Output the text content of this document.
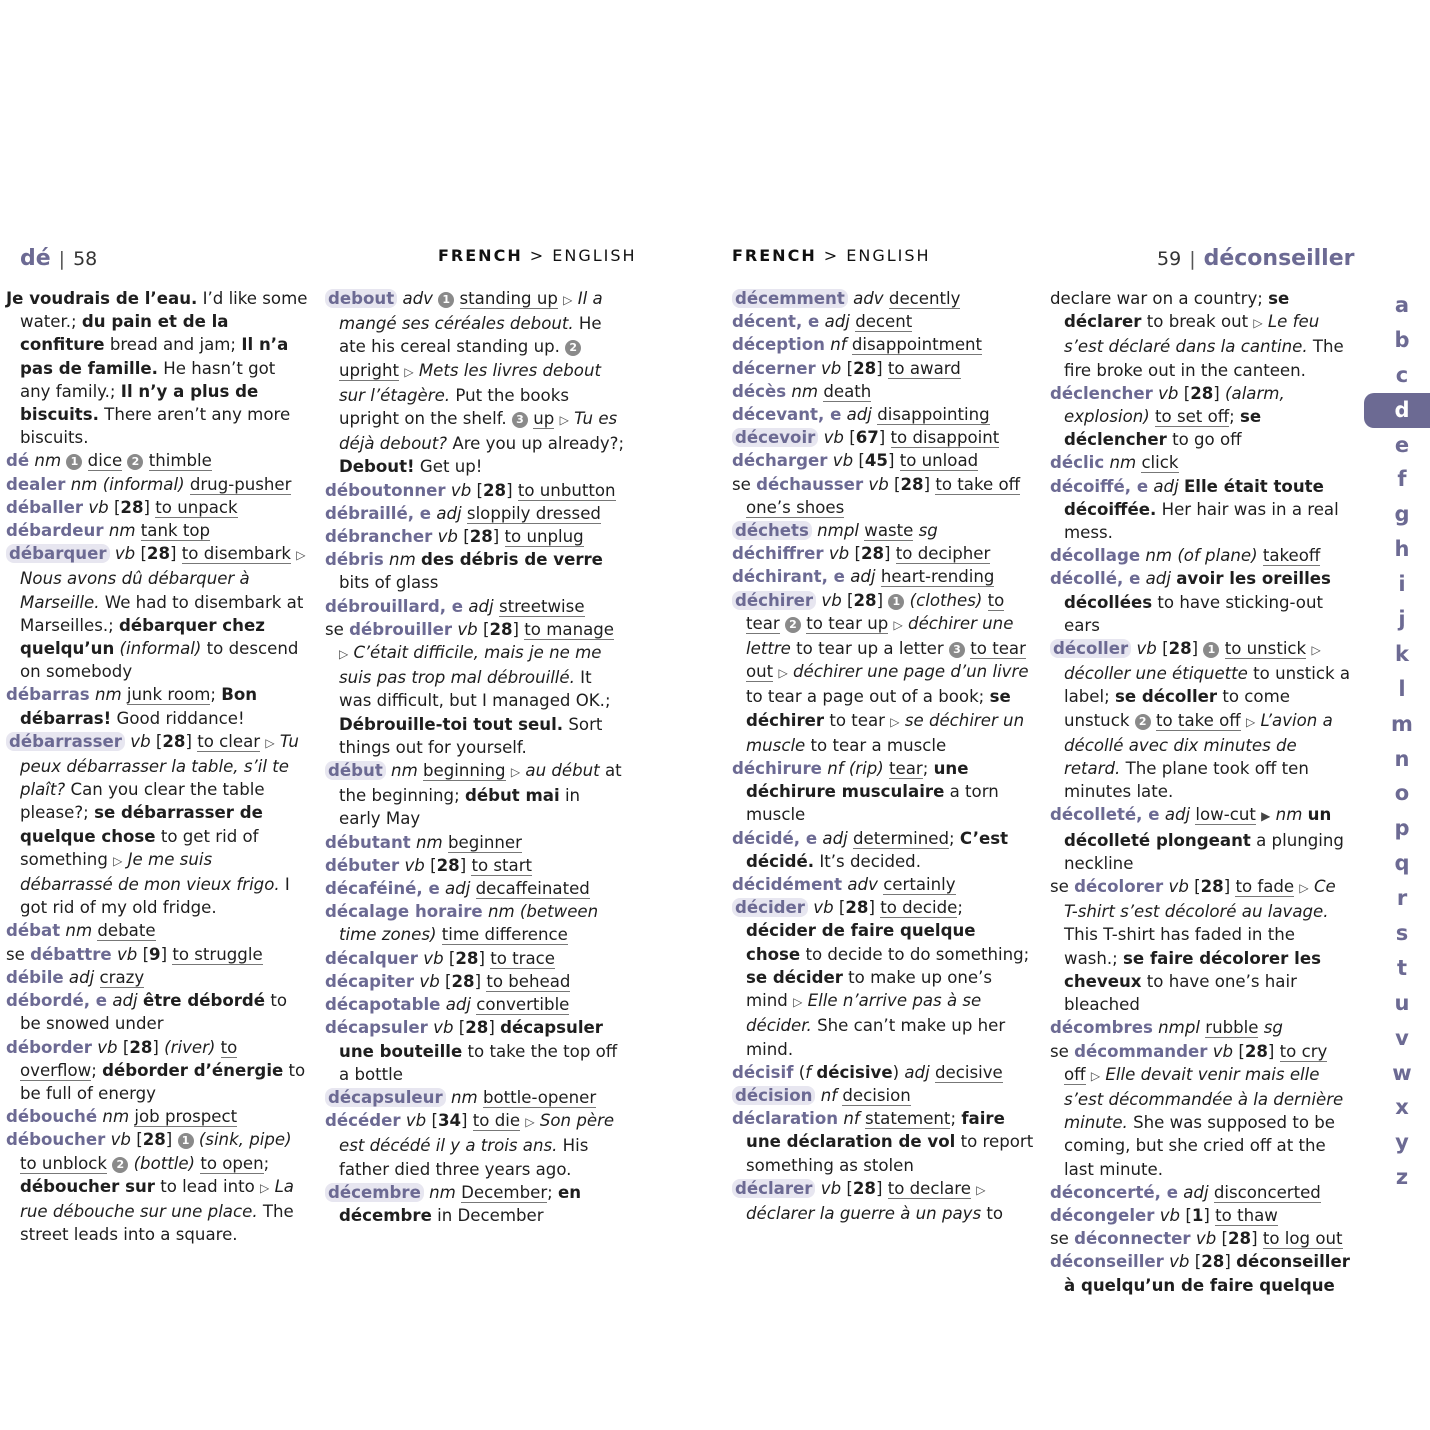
dé | 58	FRENCH > ENGLISH

Je voudrais de l’eau. I’d like some water.; du pain et de la confiture bread and jam; Il n’a pas de famille. He hasn’t got any family.; Il n’y a plus de biscuits. There aren’t any more biscuits.

dé nm 1 dice 2 thimble

dealer nm (informal) drug-pusher

déballer vb [28] to unpack

débardeur nm tank top

débarquer vb [28] to disembark ▷ Nous avons dû débarquer à Marseille. We had to disembark at Marseilles.; débarquer chez quelqu’un (informal) to descend on somebody

débarras nm junk room; Bon débarras! Good riddance!

débarrasser vb [28] to clear ▷ Tu peux débarrasser la table, s’il te plaît? Can you clear the table please?; se débarrasser de quelque chose to get rid of something ▷ Je me suis débarrassé de mon vieux frigo. I got rid of my old fridge.

débat nm debate

se débattre vb [9] to struggle

débile adj crazy

débordé, e adj être débordé to be snowed under

déborder vb [28] (river) to overflow; déborder d’énergie to be full of energy

débouché nm job prospect

déboucher vb [28] 1 (sink, pipe) to unblock 2 (bottle) to open; déboucher sur to lead into ▷ La rue débouche sur une place. The street leads into a square.

debout adv 1 standing up ▷ Il a mangé ses céréales debout. He ate his cereal standing up. 2 upright ▷ Mets les livres debout sur l’étagère. Put the books upright on the shelf. 3 up ▷ Tu es déjà debout? Are you up already?; Debout! Get up!

déboutonner vb [28] to unbutton

débraillé, e adj sloppily dressed

débrancher vb [28] to unplug

débris nm des débris de verre bits of glass

débrouillard, e adj streetwise

se débrouiller vb [28] to manage ▷ C’était difficile, mais je ne me suis pas trop mal débrouillé. It was difficult, but I managed OK.; Débrouille-toi tout seul. Sort things out for yourself.

début nm beginning ▷ au début at the beginning; début mai in early May

débutant nm beginner

débuter vb [28] to start

décaféiné, e adj decaffeinated

décalage horaire nm (between time zones) time difference

décalquer vb [28] to trace

décapiter vb [28] to behead

décapotable adj convertible

décapsuler vb [28] décapsuler une bouteille to take the top off a bottle

décapsuleur nm bottle-opener

décéder vb [34] to die ▷ Son père est décédé il y a trois ans. His father died three years ago.

décembre nm December; en décembre in December

FRENCH > ENGLISH	59 | déconseiller

décemment adv decently

décent, e adj decent

déception nf disappointment

décerner vb [28] to award

décès nm death

décevant, e adj disappointing

décevoir vb [67] to disappoint

décharger vb [45] to unload

se déchausser vb [28] to take off one’s shoes

déchets nmpl waste sg

déchiffrer vb [28] to decipher

déchirant, e adj heart-rending

déchirer vb [28] 1 (clothes) to tear 2 to tear up ▷ déchirer une lettre to tear up a letter 3 to tear out ▷ déchirer une page d’un livre to tear a page out of a book; se déchirer to tear ▷ se déchirer un muscle to tear a muscle

déchirure nf (rip) tear; une déchirure musculaire a torn muscle

décidé, e adj determined; C’est décidé. It’s decided.

décidément adv certainly

décider vb [28] to decide; décider de faire quelque chose to decide to do something; se décider to make up one’s mind ▷ Elle n’arrive pas à se décider. She can’t make up her mind.

décisif (f décisive) adj decisive

décision nf decision

déclaration nf statement; faire une déclaration de vol to report something as stolen

déclarer vb [28] to declare ▷ déclarer la guerre à un pays to

declare war on a country; se déclarer to break out ▷ Le feu s’est déclaré dans la cantine. The fire broke out in the canteen.

déclencher vb [28] (alarm, explosion) to set off; se déclencher to go off

déclic nm click

décoiffé, e adj Elle était toute décoiffée. Her hair was in a real mess.

décollage nm (of plane) takeoff

décollé, e adj avoir les oreilles décollées to have sticking-out ears

décoller vb [28] 1 to unstick ▷ décoller une étiquette to unstick a label; se décoller to come unstuck 2 to take off ▷ L’avion a décollé avec dix minutes de retard. The plane took off ten minutes late.

décolleté, e adj low-cut ▶ nm un décolleté plongeant a plunging neckline

se décolorer vb [28] to fade ▷ Ce T-shirt s’est décoloré au lavage. This T-shirt has faded in the wash.; se faire décolorer les cheveux to have one’s hair bleached

décombres nmpl rubble sg

se décommander vb [28] to cry off ▷ Elle devait venir mais elle s’est décommandée à la dernière minute. She was supposed to be coming, but she cried off at the last minute.

déconcerté, e adj disconcerted

décongeler vb [1] to thaw

se déconnecter vb [28] to log out

déconseiller vb [28] déconseiller à quelqu’un de faire quelque

a
b
c
d
e
f
g
h
i
j
k
l
m
n
o
p
q
r
s
t
u
v
w
x
y
z
